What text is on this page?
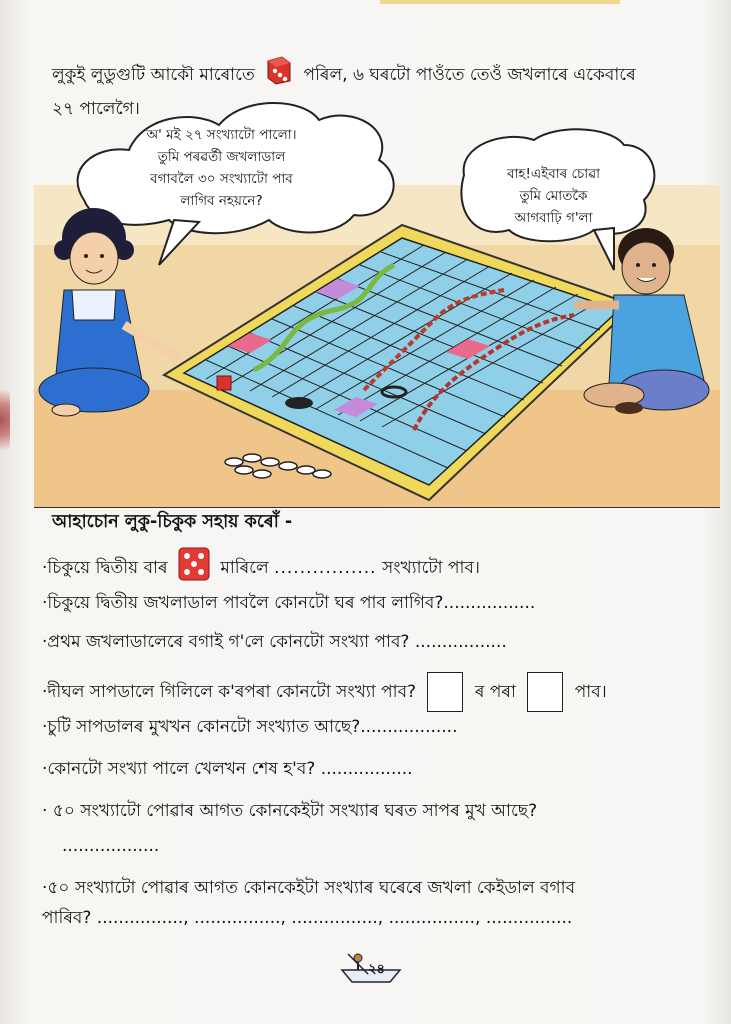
লুকুই লুডুগুটি আকৌ মাৰোতে	পৰিল, ৬ ঘৰটো পাওঁতে তেওঁ জখলাৰে একেবাৰে
২৭ পালেগৈ।
অ' মই ২৭ সংখ্যাটো পালো।
তুমি পৰৱৰ্তী জখলাডাল
বগাবলৈ ৩০ সংখ্যাটো পাব
লাগিব নহয়নে?
বাহ!এইবাৰ চোৱা
তুমি মোতকৈ
আগবাঢ়ি গ'লা
আহাচোন লুকু-চিকুক সহায় কৰোঁ -
·চিকুয়ে দ্বিতীয় বাৰ	মাৰিলে ................ সংখ্যাটো পাব।
·চিকুয়ে দ্বিতীয় জখলাডাল পাবলৈ কোনটো ঘৰ পাব লাগিব?.................
·প্ৰথম জখলাডালেৰে বগাই গ'লে কোনটো সংখ্যা পাব? .................
·দীঘল সাপডালে গিলিলে ক'ৰপৰা কোনটো সংখ্যা পাব?	ৰ পৰা	পাব।
·চুটি সাপডালৰ মুখখন কোনটো সংখ্যাত আছে?..................
·কোনটো সংখ্যা পালে খেলখন শেষ হ'ব? .................
· ৫০ সংখ্যাটো পোৱাৰ আগত কোনকেইটা সংখ্যাৰ ঘৰত সাপৰ মুখ আছে?
..................
·৫০ সংখ্যাটো পোৱাৰ আগত কোনকেইটা সংখ্যাৰ ঘৰেৰে জখলা কেইডাল বগাব
পাৰিব? ................, ................, ................, ................, ................
২৪
